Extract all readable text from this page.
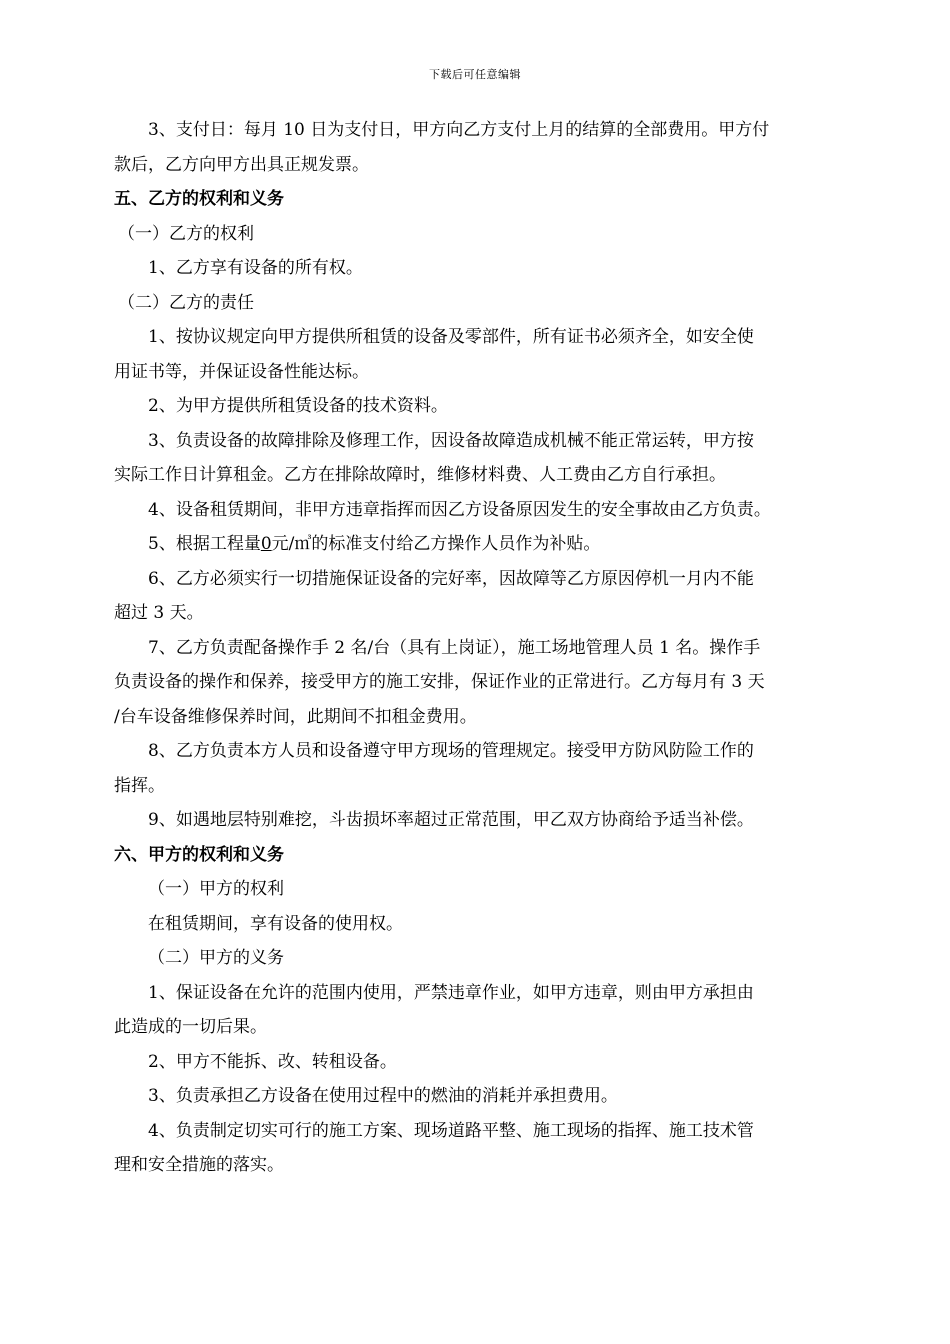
下载后可任意编辑
3、支付日：每月 10 日为支付日，甲方向乙方支付上月的结算的全部费用。甲方付
款后，乙方向甲方出具正规发票。
五、乙方的权利和义务
（一）乙方的权利
1、乙方享有设备的所有权。
（二）乙方的责任
1、按协议规定向甲方提供所租赁的设备及零部件，所有证书必须齐全，如安全使
用证书等，并保证设备性能达标。
2、为甲方提供所租赁设备的技术资料。
3、负责设备的故障排除及修理工作，因设备故障造成机械不能正常运转，甲方按
实际工作日计算租金。乙方在排除故障时，维修材料费、人工费由乙方自行承担。
4、设备租赁期间，非甲方违章指挥而因乙方设备原因发生的安全事故由乙方负责。
5、根据工程量0元/㎥的标准支付给乙方操作人员作为补贴。
6、乙方必须实行一切措施保证设备的完好率，因故障等乙方原因停机一月内不能
超过 3 天。
7、乙方负责配备操作手 2 名/台（具有上岗证），施工场地管理人员 1 名。操作手
负责设备的操作和保养，接受甲方的施工安排，保证作业的正常进行。乙方每月有 3 天
/台车设备维修保养时间，此期间不扣租金费用。
8、乙方负责本方人员和设备遵守甲方现场的管理规定。接受甲方防风防险工作的
指挥。
9、如遇地层特别难挖，斗齿损坏率超过正常范围，甲乙双方协商给予适当补偿。
六、甲方的权利和义务
（一）甲方的权利
在租赁期间，享有设备的使用权。
（二）甲方的义务
1、保证设备在允许的范围内使用，严禁违章作业，如甲方违章，则由甲方承担由
此造成的一切后果。
2、甲方不能拆、改、转租设备。
3、负责承担乙方设备在使用过程中的燃油的消耗并承担费用。
4、负责制定切实可行的施工方案、现场道路平整、施工现场的指挥、施工技术管
理和安全措施的落实。
